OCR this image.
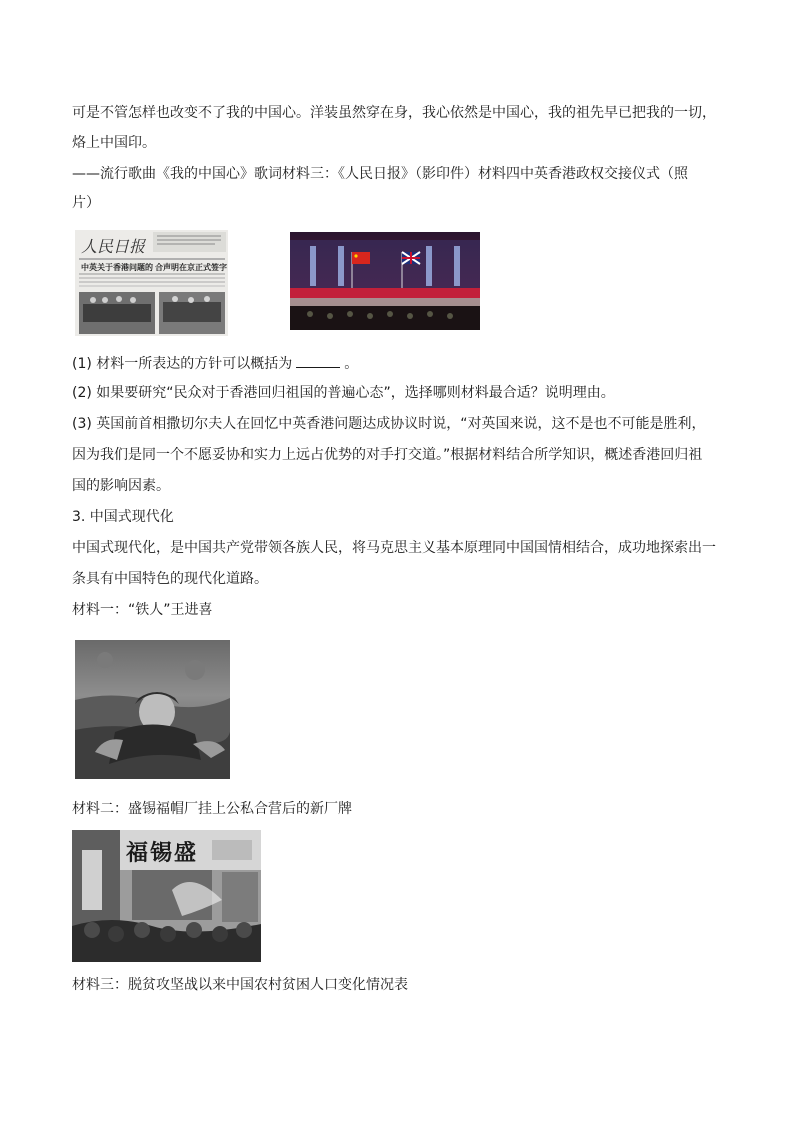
可是不管怎样也改变不了我的中国心。洋装虽然穿在身，我心依然是中国心，我的祖先早已把我的一切，
烙上中国印。
——流行歌曲《我的中国心》歌词材料三：《人民日报》（影印件）材料四中英香港政权交接仪式（照
片）
人民日报
中英关于香港问题的 合声明在京正式签字
(1) 材料一所表达的方针可以概括为	。
(2) 如果要研究“民众对于香港回归祖国的普遍心态”，选择哪则材料最合适？说明理由。
(3) 英国前首相撒切尔夫人在回忆中英香港问题达成协议时说，“对英国来说，这不是也不可能是胜利，
因为我们是同一个不愿妥协和实力上远占优势的对手打交道。”根据材料结合所学知识，概述香港回归祖
国的影响因素。
3. 中国式现代化
中国式现代化，是中国共产党带领各族人民，将马克思主义基本原理同中国国情相结合，成功地探索出一
条具有中国特色的现代化道路。
材料一：“铁人”王进喜
材料二：盛锡福帽厂挂上公私合营后的新厂牌
福锡盛
材料三：脱贫攻坚战以来中国农村贫困人口变化情况表
